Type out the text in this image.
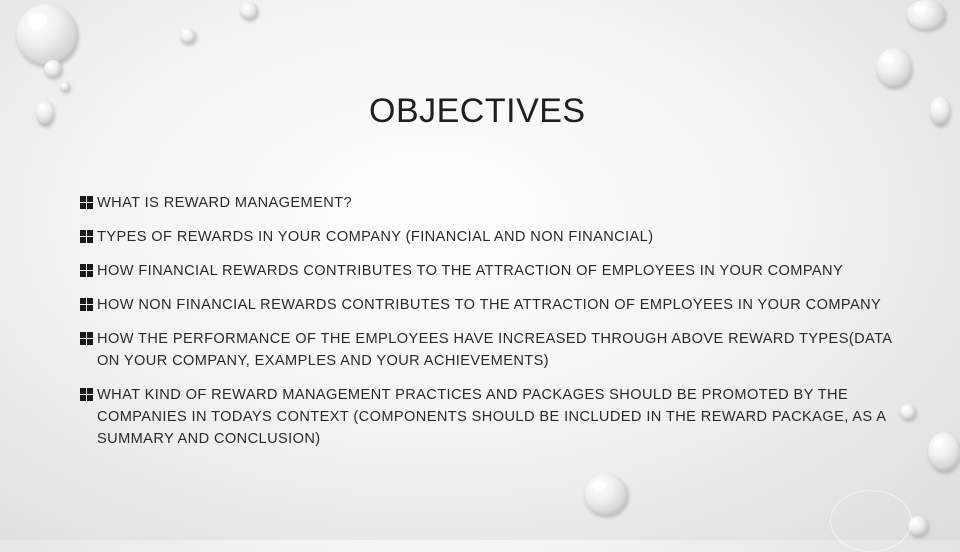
OBJECTIVES
WHAT IS REWARD MANAGEMENT?
TYPES OF REWARDS IN YOUR COMPANY (FINANCIAL AND NON FINANCIAL)
HOW FINANCIAL REWARDS CONTRIBUTES TO THE ATTRACTION OF EMPLOYEES IN YOUR COMPANY
HOW NON FINANCIAL REWARDS CONTRIBUTES TO THE ATTRACTION OF EMPLOYEES IN YOUR COMPANY
HOW THE PERFORMANCE OF THE EMPLOYEES HAVE INCREASED THROUGH ABOVE REWARD TYPES(DATA ON YOUR COMPANY, EXAMPLES AND YOUR ACHIEVEMENTS)
WHAT KIND OF REWARD MANAGEMENT PRACTICES AND PACKAGES SHOULD BE PROMOTED BY THE COMPANIES IN TODAYS CONTEXT (COMPONENTS SHOULD BE INCLUDED IN THE REWARD PACKAGE, AS A SUMMARY AND CONCLUSION)
